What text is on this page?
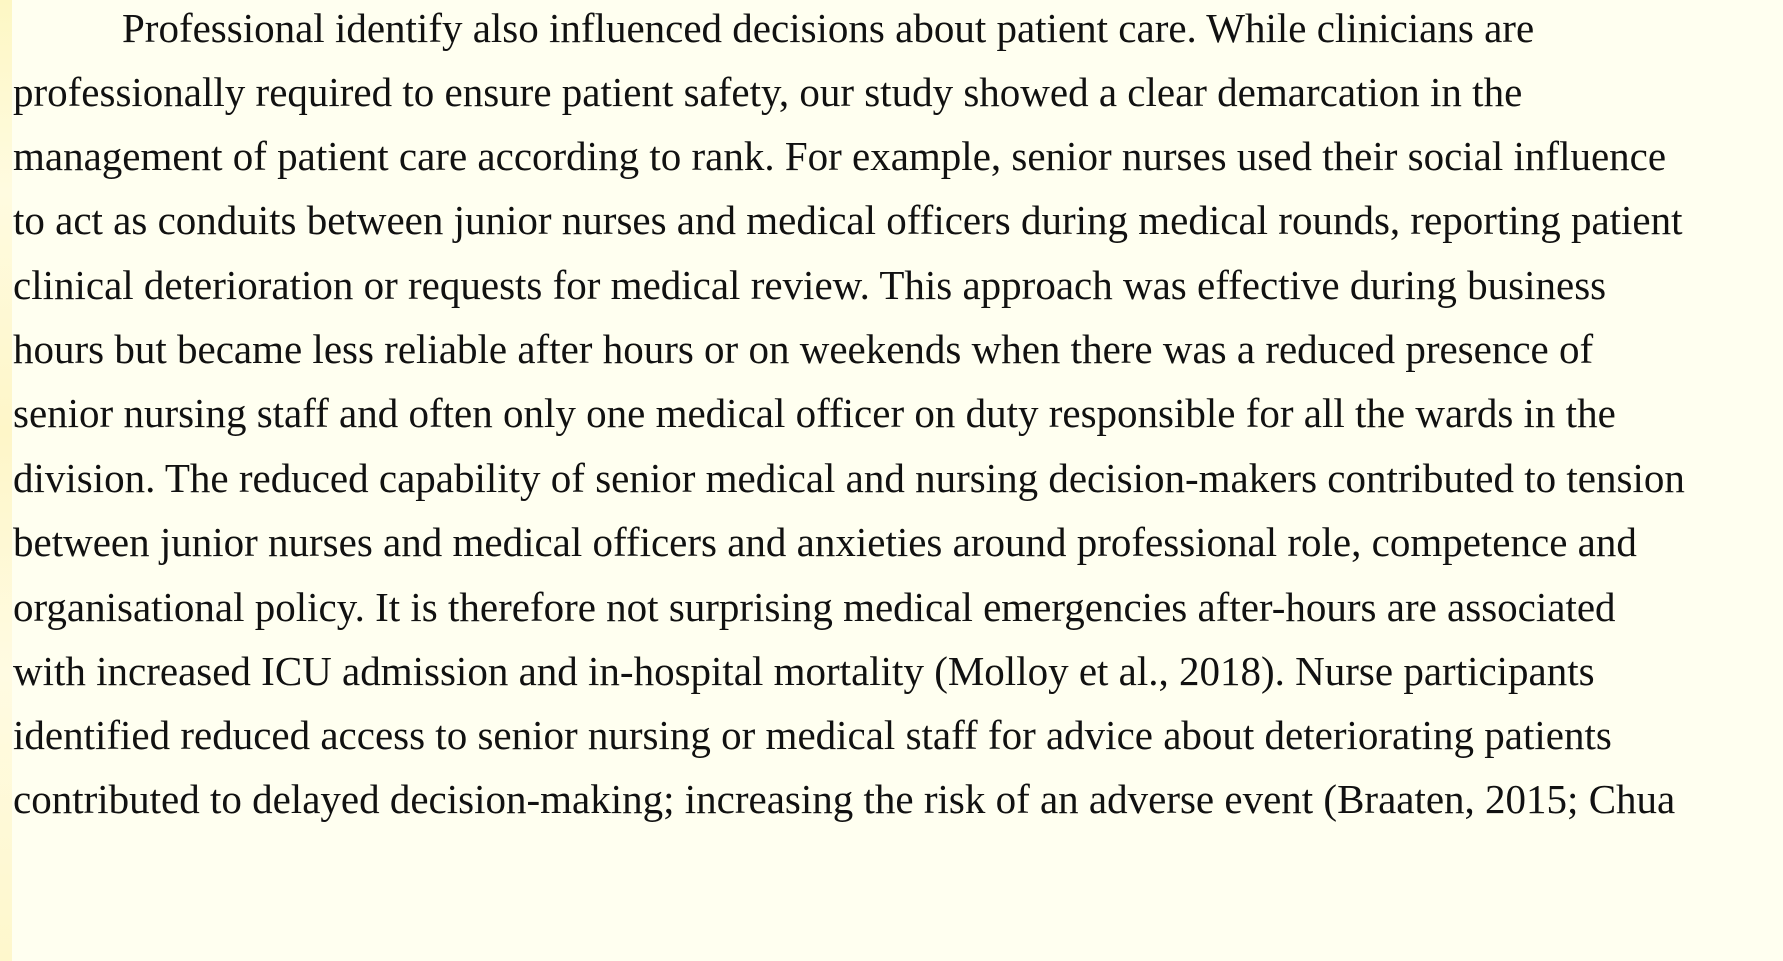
Professional identify also influenced decisions about patient care. While clinicians are
professionally required to ensure patient safety, our study showed a clear demarcation in the
management of patient care according to rank. For example, senior nurses used their social influence
to act as conduits between junior nurses and medical officers during medical rounds, reporting patient
clinical deterioration or requests for medical review. This approach was effective during business
hours but became less reliable after hours or on weekends when there was a reduced presence of
senior nursing staff and often only one medical officer on duty responsible for all the wards in the
division. The reduced capability of senior medical and nursing decision-makers contributed to tension
between junior nurses and medical officers and anxieties around professional role, competence and
organisational policy. It is therefore not surprising medical emergencies after-hours are associated
with increased ICU admission and in-hospital mortality (Molloy et al., 2018). Nurse participants
identified reduced access to senior nursing or medical staff for advice about deteriorating patients
contributed to delayed decision-making; increasing the risk of an adverse event (Braaten, 2015; Chua
